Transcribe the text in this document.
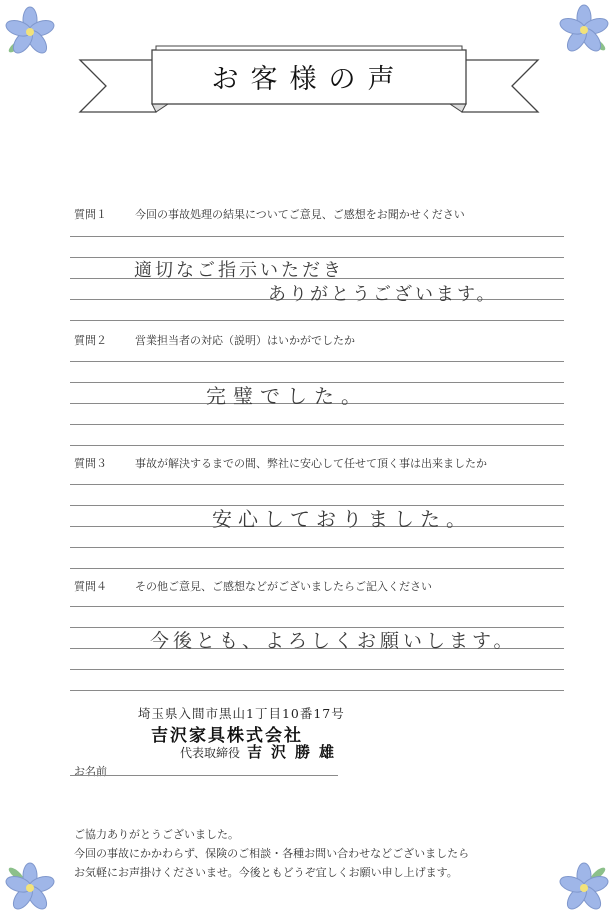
お客様の声
質問１	今回の事故処理の結果についてご意見、ご感想をお聞かせください
適切なご指示いただき
ありがとうございます。
質問２	営業担当者の対応（説明）はいかがでしたか
完璧でした。
質問３	事故が解決するまでの間、弊社に安心して任せて頂く事は出来ましたか
安心しておりました。
質問４	その他ご意見、ご感想などがございましたらご記入ください
今後とも、よろしくお願いします。
埼玉県入間市黒山1丁目10番17号
吉沢家具株式会社
代表取締役 吉沢勝雄
お名前
ご協力ありがとうございました。
今回の事故にかかわらず、保険のご相談・各種お問い合わせなどございましたら
お気軽にお声掛けくださいませ。今後ともどうぞ宜しくお願い申し上げます。
